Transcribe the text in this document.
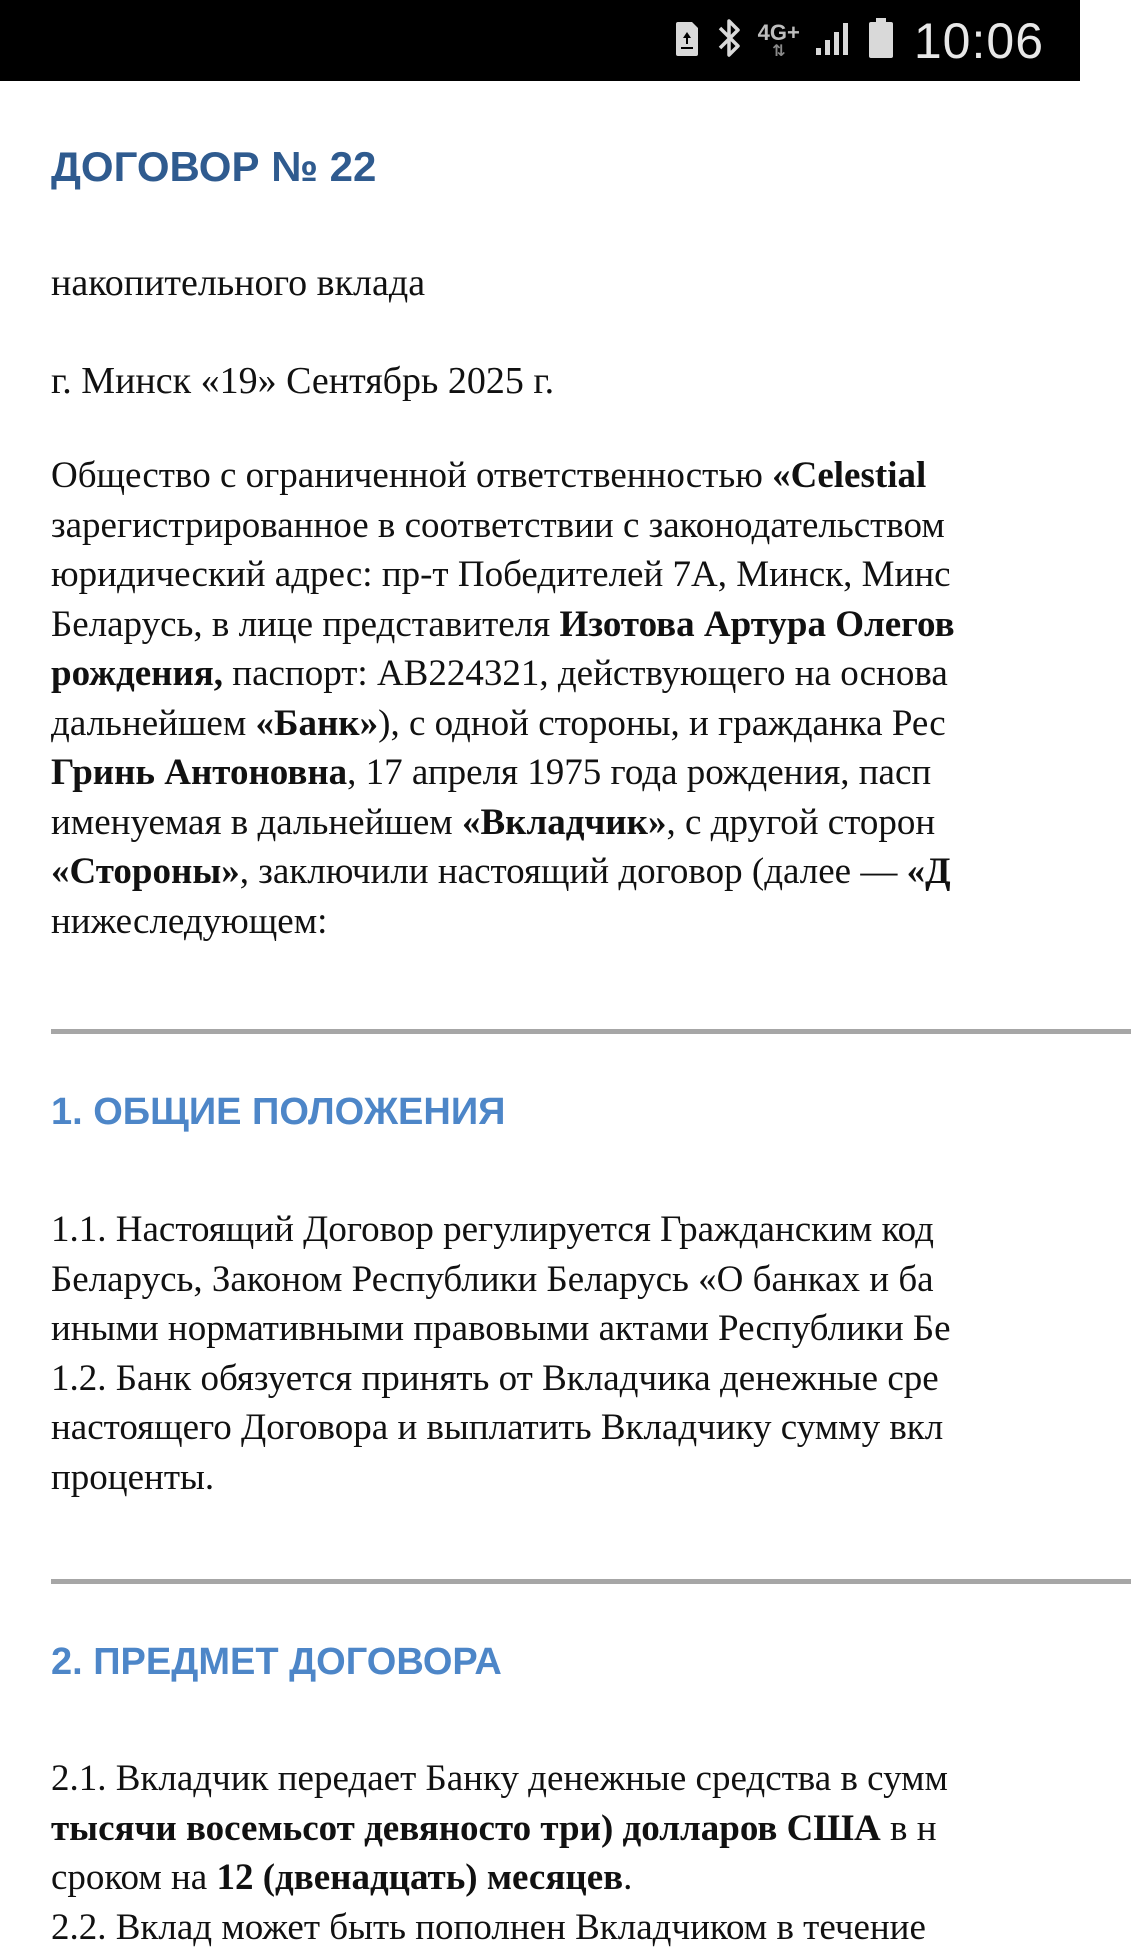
4G+
⇅	10:06
ДОГОВОР № 22
накопительного вклада
г. Минск «19» Сентябрь 2025 г.
Общество с ограниченной ответственностью «Celestial
зарегистрированное в соответствии с законодательством
юридический адрес: пр-т Победителей 7А, Минск, Минс
Беларусь, в лице представителя Изотова Артура Олегов
рождения, паспорт: АВ224321, действующего на основа
дальнейшем «Банк»), с одной стороны, и гражданка Рес
Гринь Антоновна, 17 апреля 1975 года рождения, пасп
именуемая в дальнейшем «Вкладчик», с другой сторон
«Стороны», заключили настоящий договор (далее — «Д
нижеследующем:
1. ОБЩИЕ ПОЛОЖЕНИЯ
1.1. Настоящий Договор регулируется Гражданским код
Беларусь, Законом Республики Беларусь «О банках и ба
иными нормативными правовыми актами Республики Бе
1.2. Банк обязуется принять от Вкладчика денежные сре
настоящего Договора и выплатить Вкладчику сумму вкл
проценты.
2. ПРЕДМЕТ ДОГОВОРА
2.1. Вкладчик передает Банку денежные средства в сумм
тысячи восемьсот девяносто три) долларов США в н
сроком на 12 (двенадцать) месяцев.
2.2. Вклад может быть пополнен Вкладчиком в течение
